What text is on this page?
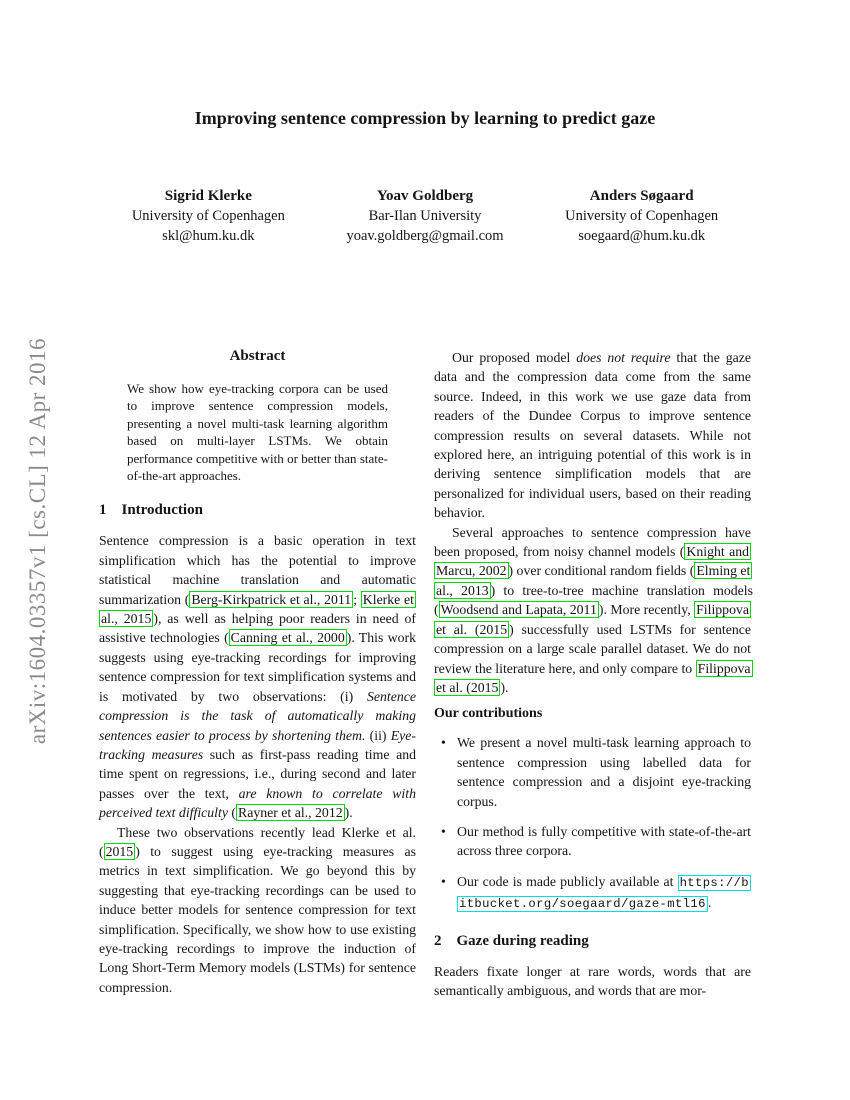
arXiv:1604.03357v1 [cs.CL] 12 Apr 2016
Improving sentence compression by learning to predict gaze
Sigrid Klerke
University of Copenhagen
skl@hum.ku.dk
Yoav Goldberg
Bar-Ilan University
yoav.goldberg@gmail.com
Anders Søgaard
University of Copenhagen
soegaard@hum.ku.dk
Abstract
We show how eye-tracking corpora can be used to improve sentence compression models, presenting a novel multi-task learning algorithm based on multi-layer LSTMs. We obtain performance competitive with or better than state-of-the-art approaches.
1 Introduction

Sentence compression is a basic operation in text simplification which has the potential to improve statistical machine translation and automatic summarization ( Berg-Kirkpatrick et al., 2011 ; Klerke et al., 2015 ), as well as helping poor readers in need of assistive technologies ( Canning et al., 2000 ). This work suggests using eye-tracking recordings for improving sentence compression for text simplification systems and is motivated by two observations: (i) Sentence compression is the task of automatically making sentences easier to process by shortening them. (ii) Eye-tracking measures such as first-pass reading time and time spent on regressions, i.e., during second and later passes over the text, are known to correlate with perceived text difficulty ( Rayner et al., 2012 ).

These two observations recently lead Klerke et al. ( 2015 ) to suggest using eye-tracking measures as metrics in text simplification. We go beyond this by suggesting that eye-tracking recordings can be used to induce better models for sentence compression for text simplification. Specifically, we show how to use existing eye-tracking recordings to improve the induction of Long Short-Term Memory models (LSTMs) for sentence compression.

Our proposed model does not require that the gaze data and the compression data come from the same source. Indeed, in this work we use gaze data from readers of the Dundee Corpus to improve sentence compression results on several datasets. While not explored here, an intriguing potential of this work is in deriving sentence simplification models that are personalized for individual users, based on their reading behavior.

Several approaches to sentence compression have been proposed, from noisy channel models ( Knight and Marcu, 2002 ) over conditional random fields ( Elming et al., 2013 ) to tree-to-tree machine translation models ( Woodsend and Lapata, 2011 ). More recently, Filippova et al. (2015 ) successfully used LSTMs for sentence compression on a large scale parallel dataset. We do not review the literature here, and only compare to Filippova et al. (2015 ).

Our contributions
• We present a novel multi-task learning approach to sentence compression using labelled data for sentence compression and a disjoint eye-tracking corpus.
• Our method is fully competitive with state-of-the-art across three corpora.
• Our code is made publicly available at https://bitbucket.org/soegaard/gaze-mtl16 .
2 Gaze during reading

Readers fixate longer at rare words, words that are semantically ambiguous, and words that are mor-
